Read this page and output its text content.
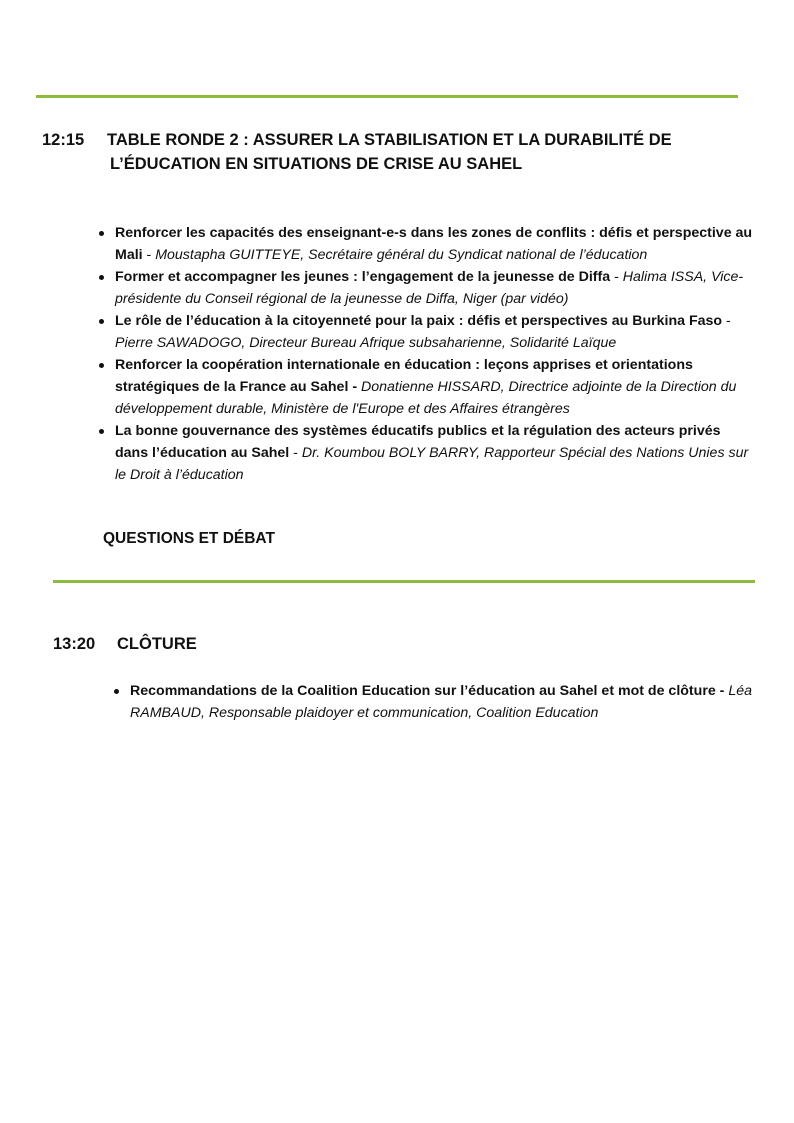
12:15 TABLE RONDE 2 : ASSURER LA STABILISATION ET LA DURABILITÉ DE
L’ÉDUCATION EN SITUATIONS DE CRISE AU SAHEL
Renforcer les capacités des enseignant-e-s dans les zones de conflits : défis et perspective au Mali - Moustapha GUITTEYE, Secrétaire général du Syndicat national de l’éducation
Former et accompagner les jeunes : l’engagement de la jeunesse de Diffa - Halima ISSA, Vice-présidente du Conseil régional de la jeunesse de Diffa, Niger (par vidéo)
Le rôle de l’éducation à la citoyenneté pour la paix : défis et perspectives au Burkina Faso - Pierre SAWADOGO, Directeur Bureau Afrique subsaharienne, Solidarité Laïque
Renforcer la coopération internationale en éducation : leçons apprises et orientations stratégiques de la France au Sahel - Donatienne HISSARD, Directrice adjointe de la Direction du développement durable, Ministère de l'Europe et des Affaires étrangères
La bonne gouvernance des systèmes éducatifs publics et la régulation des acteurs privés dans l’éducation au Sahel - Dr. Koumbou BOLY BARRY, Rapporteur Spécial des Nations Unies sur le Droit à l’éducation
QUESTIONS ET DÉBAT
13:20 CLÔTURE
Recommandations de la Coalition Education sur l’éducation au Sahel et mot de clôture - Léa RAMBAUD, Responsable plaidoyer et communication, Coalition Education
